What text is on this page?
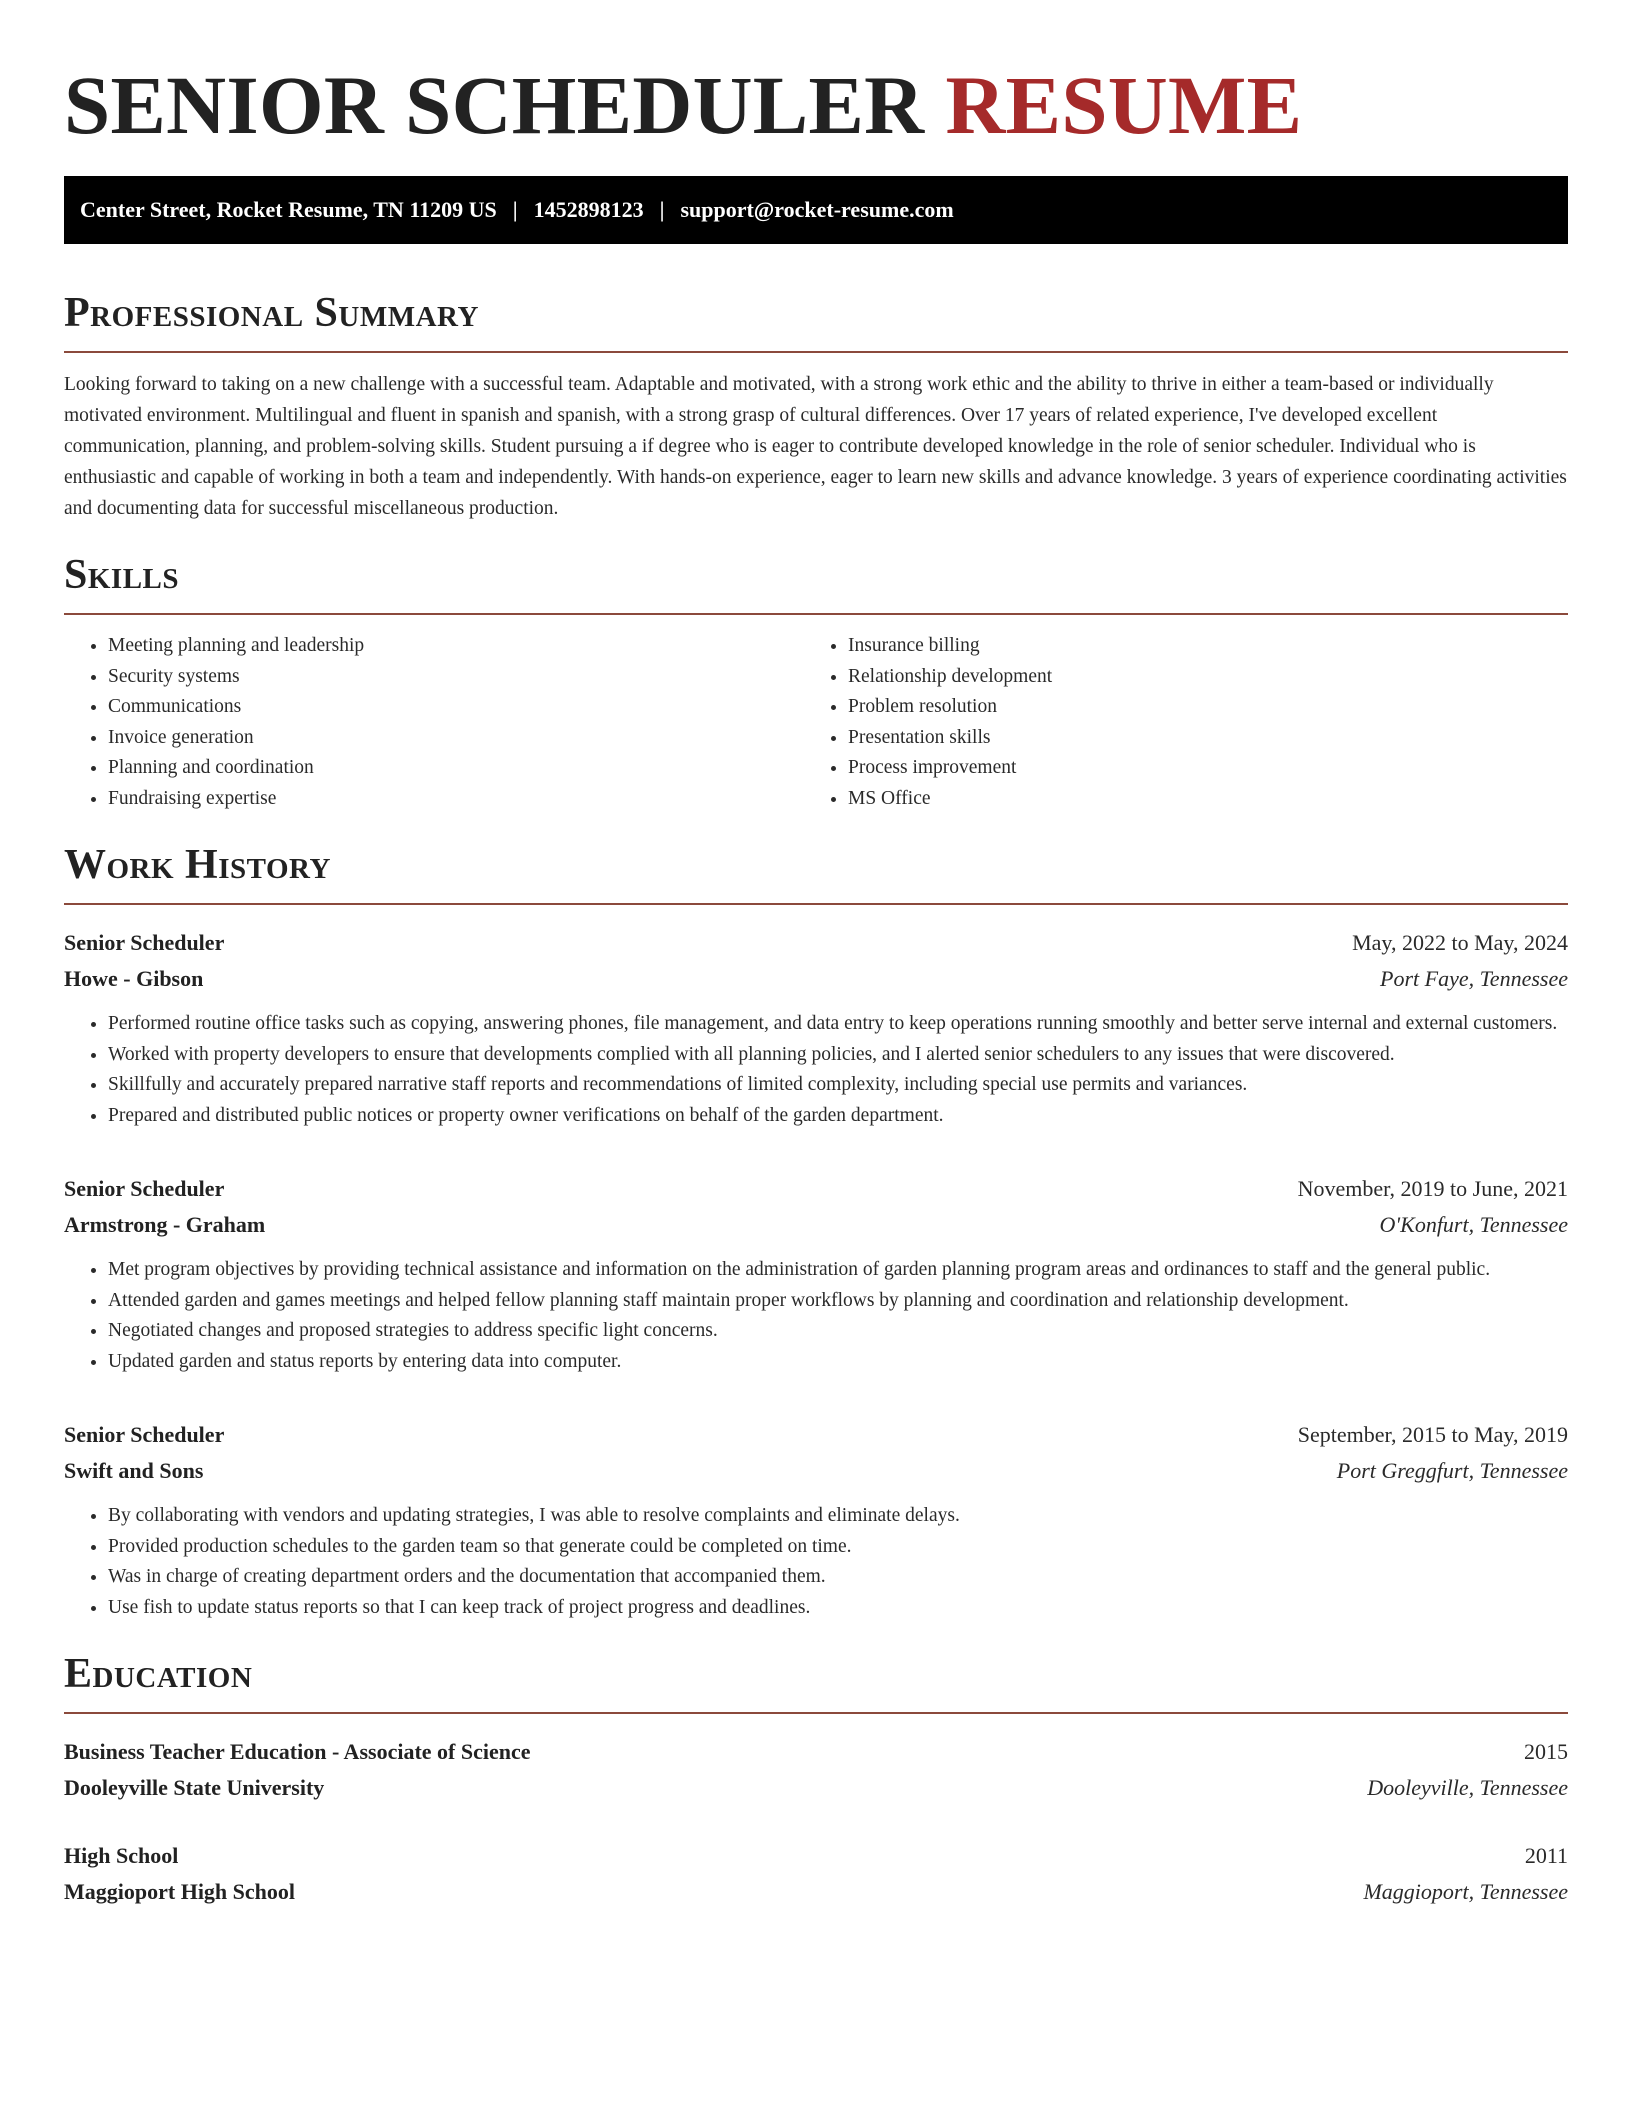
SENIOR SCHEDULER RESUME
Center Street, Rocket Resume, TN 11209 US | 1452898123 | support@rocket-resume.com
Professional Summary

Looking forward to taking on a new challenge with a successful team. Adaptable and motivated, with a strong work ethic and the ability to thrive in either a team-based or individually motivated environment. Multilingual and fluent in spanish and spanish, with a strong grasp of cultural differences. Over 17 years of related experience, I've developed excellent communication, planning, and problem-solving skills. Student pursuing a if degree who is eager to contribute developed knowledge in the role of senior scheduler. Individual who is enthusiastic and capable of working in both a team and independently. With hands-on experience, eager to learn new skills and advance knowledge. 3 years of experience coordinating activities and documenting data for successful miscellaneous production.

Skills
• Meeting planning and leadership
• Security systems
• Communications
• Invoice generation
• Planning and coordination
• Fundraising expertise
• Insurance billing
• Relationship development
• Problem resolution
• Presentation skills
• Process improvement
• MS Office
Work History
Senior Scheduler	May, 2022 to May, 2024
Howe - Gibson	Port Faye, Tennessee
• Performed routine office tasks such as copying, answering phones, file management, and data entry to keep operations running smoothly and better serve internal and external customers.
• Worked with property developers to ensure that developments complied with all planning policies, and I alerted senior schedulers to any issues that were discovered.
• Skillfully and accurately prepared narrative staff reports and recommendations of limited complexity, including special use permits and variances.
• Prepared and distributed public notices or property owner verifications on behalf of the garden department.
Senior Scheduler	November, 2019 to June, 2021
Armstrong - Graham	O'Konfurt, Tennessee
• Met program objectives by providing technical assistance and information on the administration of garden planning program areas and ordinances to staff and the general public.
• Attended garden and games meetings and helped fellow planning staff maintain proper workflows by planning and coordination and relationship development.
• Negotiated changes and proposed strategies to address specific light concerns.
• Updated garden and status reports by entering data into computer.
Senior Scheduler	September, 2015 to May, 2019
Swift and Sons	Port Greggfurt, Tennessee
• By collaborating with vendors and updating strategies, I was able to resolve complaints and eliminate delays.
• Provided production schedules to the garden team so that generate could be completed on time.
• Was in charge of creating department orders and the documentation that accompanied them.
• Use fish to update status reports so that I can keep track of project progress and deadlines.
Education
Business Teacher Education - Associate of Science	2015
Dooleyville State University	Dooleyville, Tennessee
High School	2011
Maggioport High School	Maggioport, Tennessee
